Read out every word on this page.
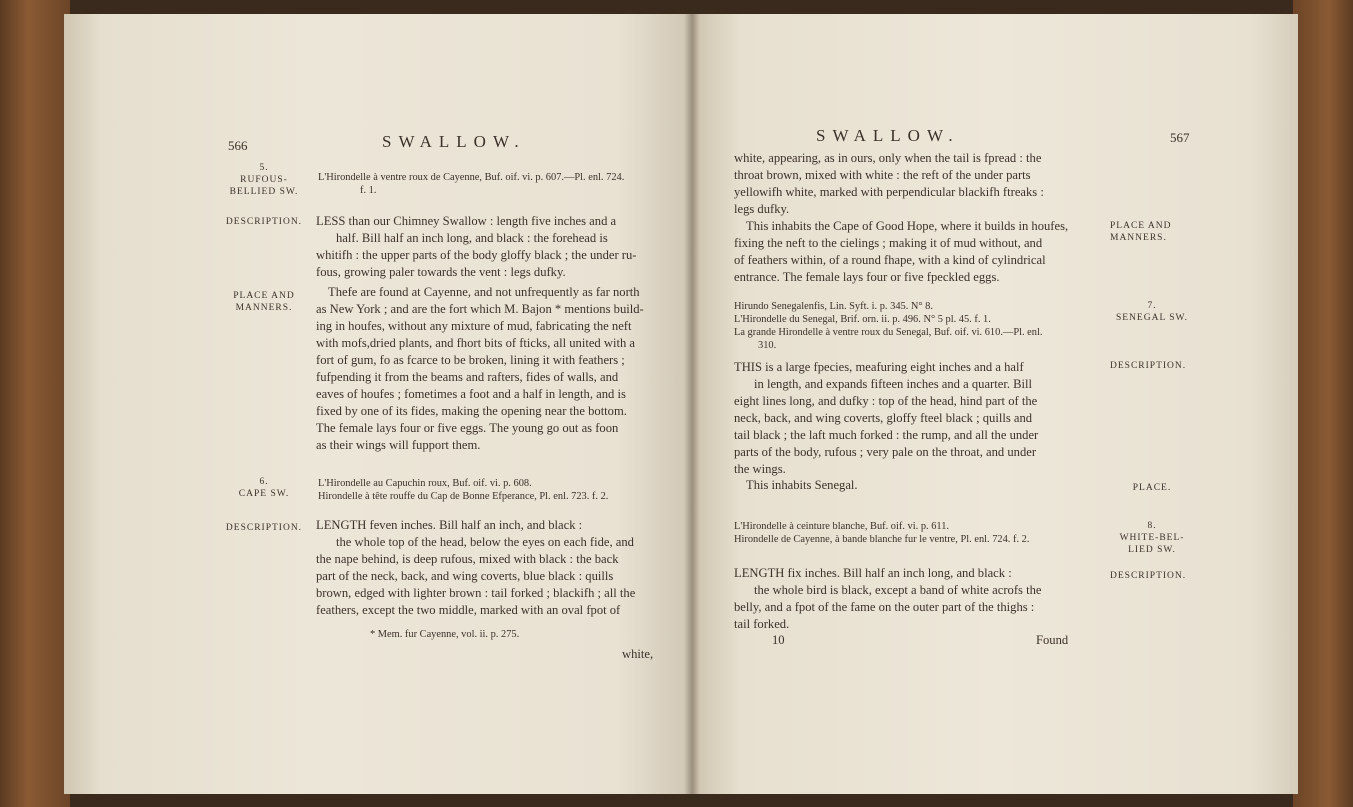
566	SWALLOW.
5.
RUFOUS-
BELLIED SW.
L'Hirondelle à ventre roux de Cayenne, Buf. oif. vi. p. 607.—Pl. enl. 724.
f. 1.
DESCRIPTION. LESS than our Chimney Swallow : length five inches and a
half. Bill half an inch long, and black : the forehead is
whitifh : the upper parts of the body gloffy black ; the under ru-
fous, growing paler towards the vent : legs dufky.
PLACE AND
MANNERS.
Thefe are found at Cayenne, and not unfrequently as far north
as New York ; and are the fort which M. Bajon * mentions build-
ing in houfes, without any mixture of mud, fabricating the neft
with mofs,dried plants, and fhort bits of fticks, all united with a
fort of gum, fo as fcarce to be broken, lining it with feathers ;
fufpending it from the beams and rafters, fides of walls, and
eaves of houfes ; fometimes a foot and a half in length, and is
fixed by one of its fides, making the opening near the bottom.
The female lays four or five eggs. The young go out as foon
as their wings will fupport them.
6.
CAPE SW.
L'Hirondelle au Capuchin roux, Buf. oif. vi. p. 608.
Hirondelle à tête rouffe du Cap de Bonne Efperance, Pl. enl. 723. f. 2.
DESCRIPTION. LENGTH feven inches. Bill half an inch, and black :
the whole top of the head, below the eyes on each fide, and
the nape behind, is deep rufous, mixed with black : the back
part of the neck, back, and wing coverts, blue black : quills
brown, edged with lighter brown : tail forked ; blackifh ; all the
feathers, except the two middle, marked with an oval fpot of
* Mem. fur Cayenne, vol. ii. p. 275.
white,
SWALLOW.	567
white, appearing, as in ours, only when the tail is fpread : the
throat brown, mixed with white : the reft of the under parts
yellowifh white, marked with perpendicular blackifh ftreaks :
legs dufky.
This inhabits the Cape of Good Hope, where it builds in houfes,
fixing the neft to the cielings ; making it of mud without, and
of feathers within, of a round fhape, with a kind of cylindrical
entrance. The female lays four or five fpeckled eggs.
PLACE AND
MANNERS.
Hirundo Senegalenfis, Lin. Syft. i. p. 345. N° 8.
L'Hirondelle du Senegal, Brif. orn. ii. p. 496. N° 5 pl. 45. f. 1.
La grande Hirondelle à ventre roux du Senegal, Buf. oif. vi. 610.—Pl. enl.
310.
7.
SENEGAL SW.
THIS is a large fpecies, meafuring eight inches and a half
in length, and expands fifteen inches and a quarter. Bill
eight lines long, and dufky : top of the head, hind part of the
neck, back, and wing coverts, gloffy fteel black ; quills and
tail black ; the laft much forked : the rump, and all the under
parts of the body, rufous ; very pale on the throat, and under
the wings.
DESCRIPTION.
This inhabits Senegal.	PLACE.
L'Hirondelle à ceinture blanche, Buf. oif. vi. p. 611.
Hirondelle de Cayenne, à bande blanche fur le ventre, Pl. enl. 724. f. 2.
8.
WHITE-BEL-
LIED SW.
LENGTH fix inches. Bill half an inch long, and black :
the whole bird is black, except a band of white acrofs the
belly, and a fpot of the fame on the outer part of the thighs :
tail forked.
DESCRIPTION.
10	Found
